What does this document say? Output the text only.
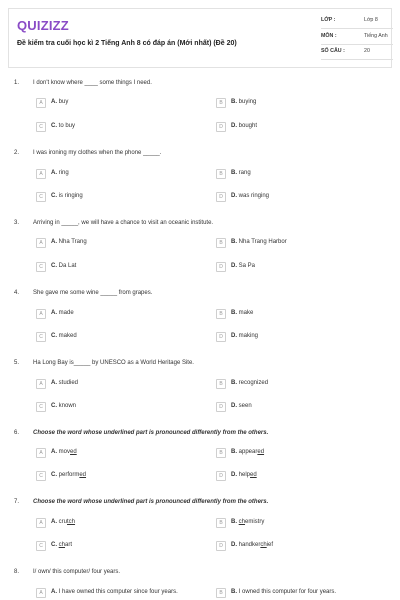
QUIZIZZ
Đề kiểm tra cuối học kì 2 Tiếng Anh 8 có đáp án (Mới nhất) (Đề 20)
LỚP :	Lớp 8
MÔN :	Tiếng Anh
SỐ CÂU :	20
1. I don't know where ____ some things I need.
A	A. buy	B	B. buying
C	C. to buy	D	D. bought
2. I was ironing my clothes when the phone _____.
A	A. ring	B	B. rang
C	C. is ringing	D	D. was ringing
3. Arriving in _____, we will have a chance to visit an oceanic institute.
A	A. Nha Trang	B	B. Nha Trang Harbor
C	C. Da Lat	D	D. Sa Pa
4. She gave me some wine _____ from grapes.
A	A. made	B	B. make
C	C. maked	D	D. making
5. Ha Long Bay is_____ by UNESCO as a World Heritage Site.
A	A. studied	B	B. recognized
C	C. known	D	D. seen
6. Choose the word whose underlined part is pronounced differently from the others.
A	A. moved	B	B. appeared
C	C. performed	D	D. helped
7. Choose the word whose underlined part is pronounced differently from the others.
A	A. crutch	B	B. chemistry
C	C. chart	D	D. handkerchief
8. I/ own/ this computer/ four years.
A	A. I have owned this computer since four years.	B	B. I owned this computer for four years.
